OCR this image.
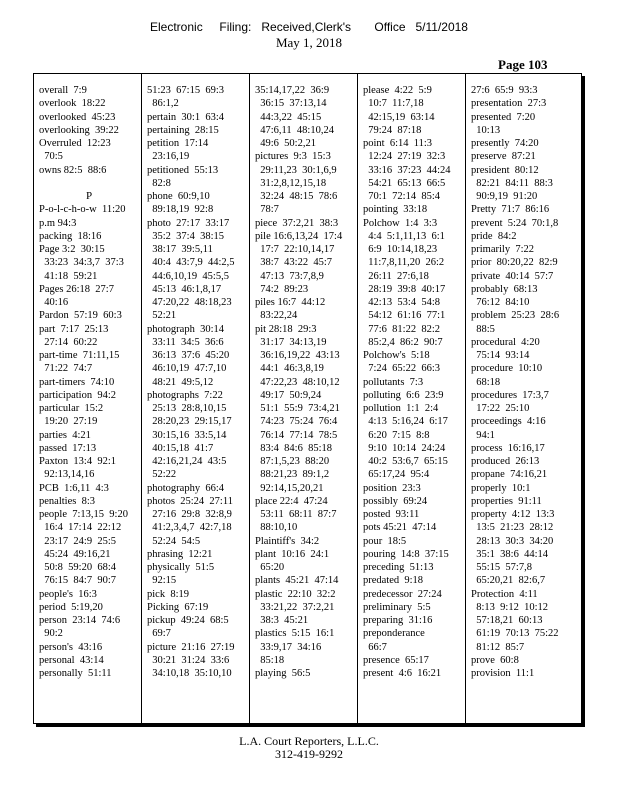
Electronic     Filing:   Received,Clerk's       Office   5/11/2018
May 1, 2018
Page 103
overall  7:9
overlook  18:22
overlooked  45:23
overlooking  39:22
Overruled  12:23
70:5
owns 82:5  88:6
P
P-o-l-c-h-o-w  11:20
p.m 94:3
packing  18:16
Page 3:2  30:15
33:23  34:3,7  37:3
41:18  59:21
Pages 26:18  27:7
40:16
Pardon  57:19  60:3
part  7:17  25:13
27:14  60:22
part-time  71:11,15
71:22  74:7
part-timers  74:10
participation  94:2
particular  15:2
19:20  27:19
parties  4:21
passed  17:13
Paxton  13:4  92:1
92:13,14,16
PCB  1:6,11  4:3
penalties  8:3
people  7:13,15  9:20
16:4  17:14  22:12
23:17  24:9  25:5
45:24  49:16,21
50:8  59:20  68:4
76:15  84:7  90:7
people's  16:3
period  5:19,20
person  23:14  74:6
90:2
person's  43:16
personal  43:14
personally  51:11
51:23  67:15  69:3
86:1,2
pertain  30:1  63:4
pertaining  28:15
petition  17:14
23:16,19
petitioned  55:13
82:8
phone  60:9,10
89:18,19  92:8
photo  27:17  33:17
35:2  37:4  38:15
38:17  39:5,11
40:4  43:7,9  44:2,5
44:6,10,19  45:5,5
45:13  46:1,8,17
47:20,22  48:18,23
52:21
photograph  30:14
33:11  34:5  36:6
36:13  37:6  45:20
46:10,19  47:7,10
48:21  49:5,12
photographs  7:22
25:13  28:8,10,15
28:20,23  29:15,17
30:15,16  33:5,14
40:15,18  41:7
42:16,21,24  43:5
52:22
photography  66:4
photos  25:24  27:11
27:16  29:8  32:8,9
41:2,3,4,7  42:7,18
52:24  54:5
phrasing  12:21
physically  51:5
92:15
pick  8:19
Picking  67:19
pickup  49:24  68:5
69:7
picture  21:16  27:19
30:21  31:24  33:6
34:10,18  35:10,10
35:14,17,22  36:9
36:15  37:13,14
44:3,22  45:15
47:6,11  48:10,24
49:6  50:2,21
pictures  9:3  15:3
29:11,23  30:1,6,9
31:2,8,12,15,18
32:24  48:15  78:6
78:7
piece  37:2,21  38:3
pile 16:6,13,24  17:4
17:7  22:10,14,17
38:7  43:22  45:7
47:13  73:7,8,9
74:2  89:23
piles 16:7  44:12
83:22,24
pit 28:18  29:3
31:17  34:13,19
36:16,19,22  43:13
44:1  46:3,8,19
47:22,23  48:10,12
49:17  50:9,24
51:1  55:9  73:4,21
74:23  75:24  76:4
76:14  77:14  78:5
83:4  84:6  85:18
87:1,5,23  88:20
88:21,23  89:1,2
92:14,15,20,21
place 22:4  47:24
53:11  68:11  87:7
88:10,10
Plaintiff's  34:2
plant  10:16  24:1
65:20
plants  45:21  47:14
plastic  22:10  32:2
33:21,22  37:2,21
38:3  45:21
plastics  5:15  16:1
33:9,17  34:16
85:18
playing  56:5
please  4:22  5:9
10:7  11:7,18
42:15,19  63:14
79:24  87:18
point  6:14  11:3
12:24  27:19  32:3
33:16  37:23  44:24
54:21  65:13  66:5
70:1  72:14  85:4
pointing  33:18
Polchow  1:4  3:3
4:4  5:1,11,13  6:1
6:9  10:14,18,23
11:7,8,11,20  26:2
26:11  27:6,18
28:19  39:8  40:17
42:13  53:4  54:8
54:12  61:16  77:1
77:6  81:22  82:2
85:2,4  86:2  90:7
Polchow's  5:18
7:24  65:22  66:3
pollutants  7:3
polluting  6:6  23:9
pollution  1:1  2:4
4:13  5:16,24  6:17
6:20  7:15  8:8
9:10  10:14  24:24
40:2  53:6,7  65:15
65:17,24  95:4
position  23:3
possibly  69:24
posted  93:11
pots 45:21  47:14
pour  18:5
pouring  14:8  37:15
preceding  51:13
predated  9:18
predecessor  27:24
preliminary  5:5
preparing  31:16
preponderance
66:7
presence  65:17
present  4:6  16:21
27:6  65:9  93:3
presentation  27:3
presented  7:20
10:13
presently  74:20
preserve  87:21
president  80:12
82:21  84:11  88:3
90:9,19  91:20
Pretty  71:7  86:16
prevent  5:24  70:1,8
pride  84:2
primarily  7:22
prior  80:20,22  82:9
private  40:14  57:7
probably  68:13
76:12  84:10
problem  25:23  28:6
88:5
procedural  4:20
75:14  93:14
procedure  10:10
68:18
procedures  17:3,7
17:22  25:10
proceedings  4:16
94:1
process  16:16,17
produced  26:13
propane  74:16,21
properly  10:1
properties  91:11
property  4:12  13:3
13:5  21:23  28:12
28:13  30:3  34:20
35:1  38:6  44:14
55:15  57:7,8
65:20,21  82:6,7
Protection  4:11
8:13  9:12  10:12
57:18,21  60:13
61:19  70:13  75:22
81:12  85:7
prove  60:8
provision  11:1
L.A. Court Reporters, L.L.C.
312-419-9292
